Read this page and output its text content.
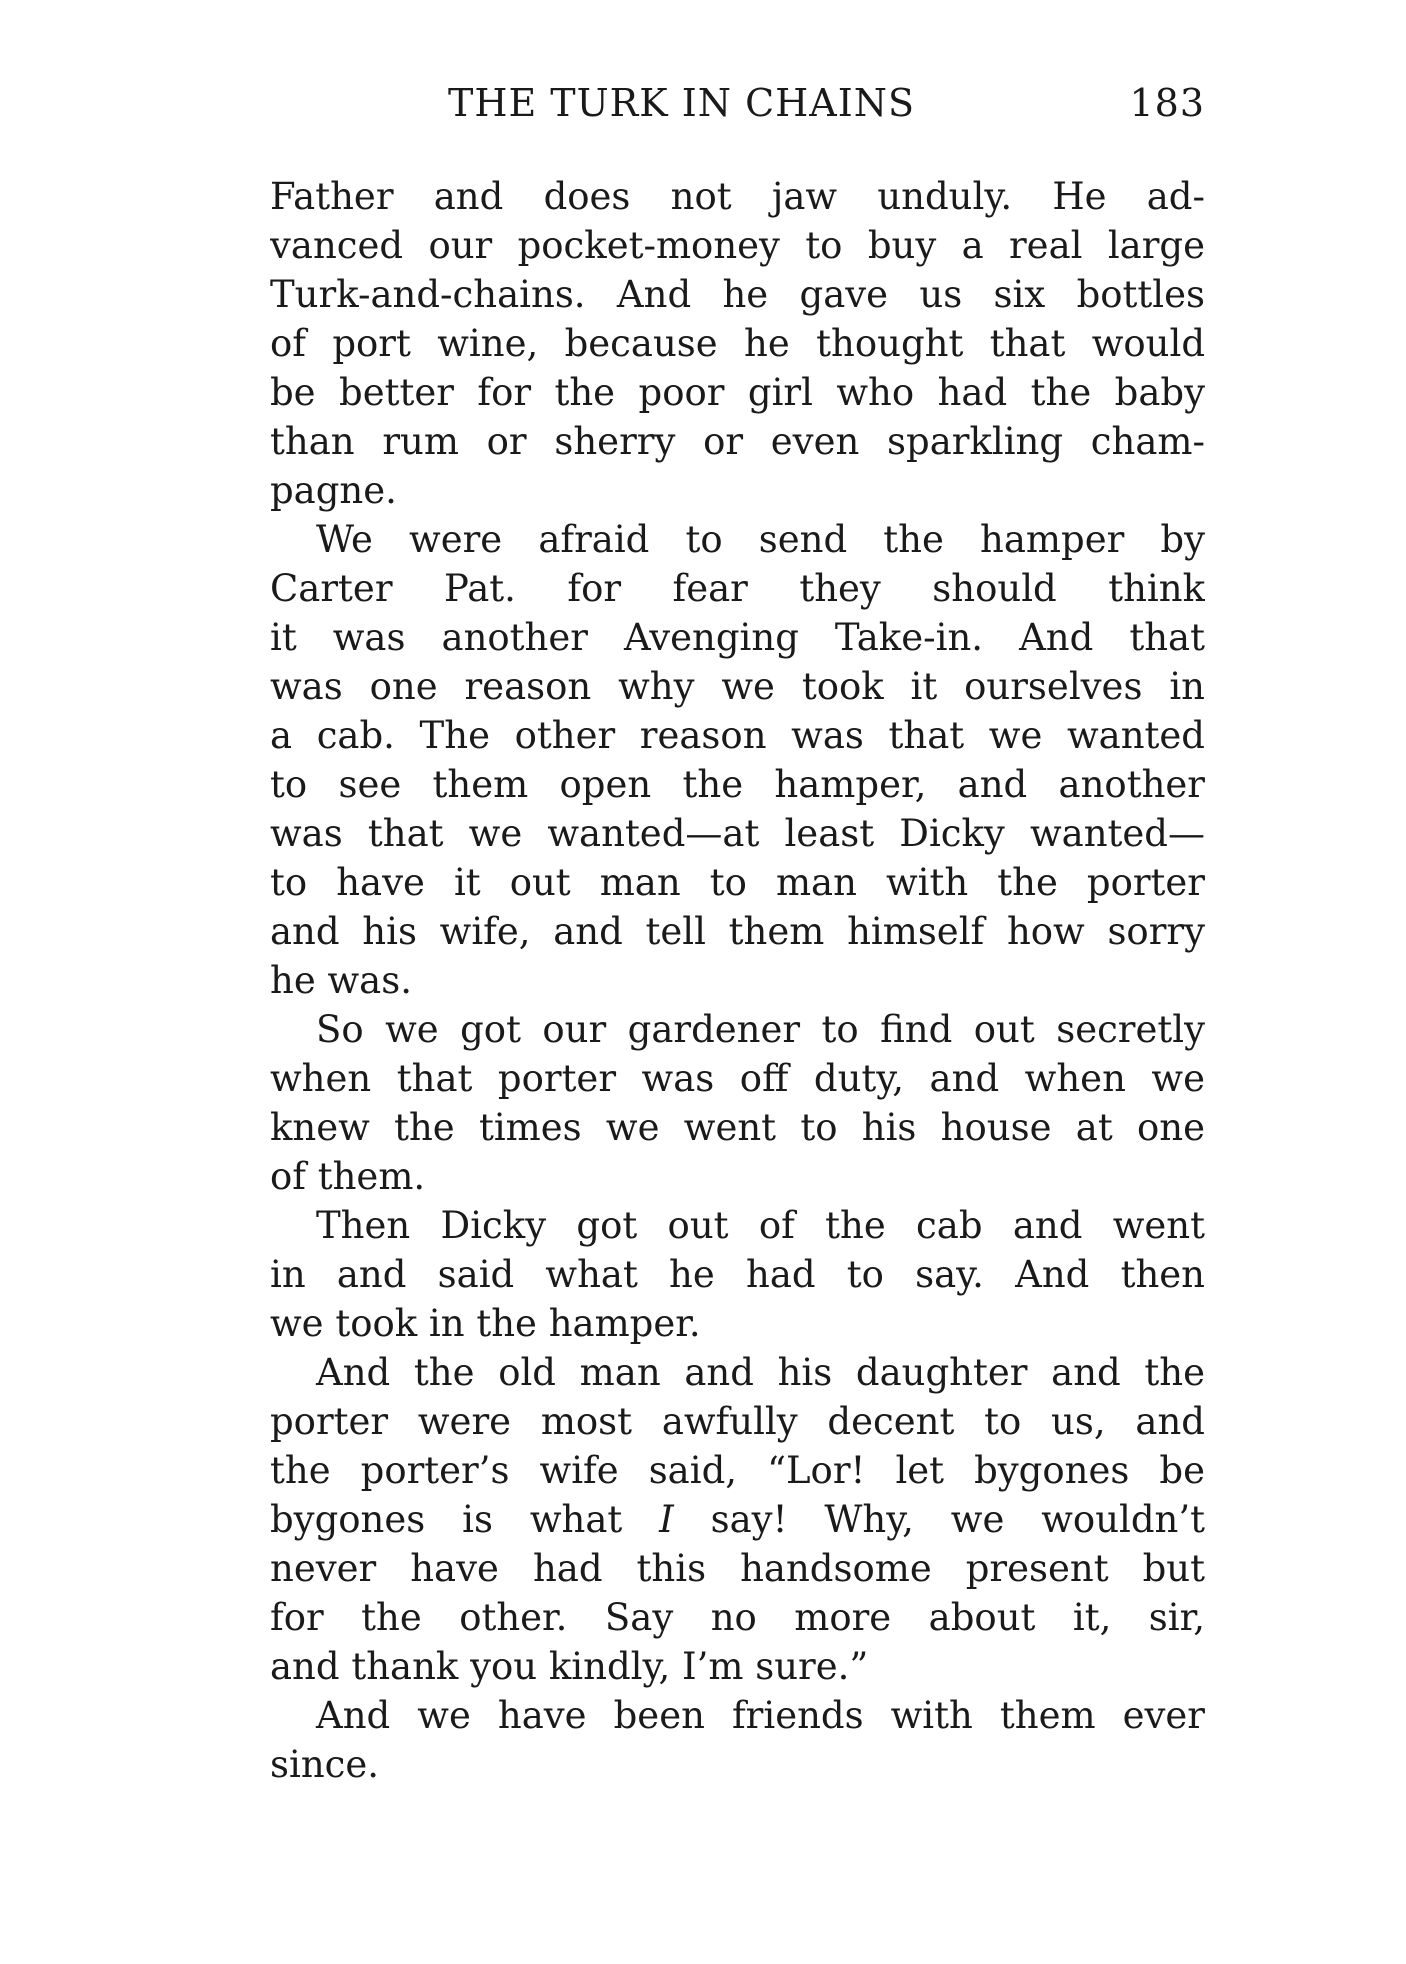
THE TURK IN CHAINS	183
Father and does not jaw unduly. He ad-
vanced our pocket-money to buy a real large
Turk-and-chains. And he gave us six bottles
of port wine, because he thought that would
be better for the poor girl who had the baby
than rum or sherry or even sparkling cham-
pagne.
We were afraid to send the hamper by
Carter Pat. for fear they should think
it was another Avenging Take-in. And that
was one reason why we took it ourselves in
a cab. The other reason was that we wanted
to see them open the hamper, and another
was that we wanted—at least Dicky wanted—
to have it out man to man with the porter
and his wife, and tell them himself how sorry
he was.
So we got our gardener to find out secretly
when that porter was off duty, and when we
knew the times we went to his house at one
of them.
Then Dicky got out of the cab and went
in and said what he had to say. And then
we took in the hamper.
And the old man and his daughter and the
porter were most awfully decent to us, and
the porter’s wife said, “Lor! let bygones be
bygones is what I say! Why, we wouldn’t
never have had this handsome present but
for the other. Say no more about it, sir,
and thank you kindly, I’m sure.”
And we have been friends with them ever
since.
